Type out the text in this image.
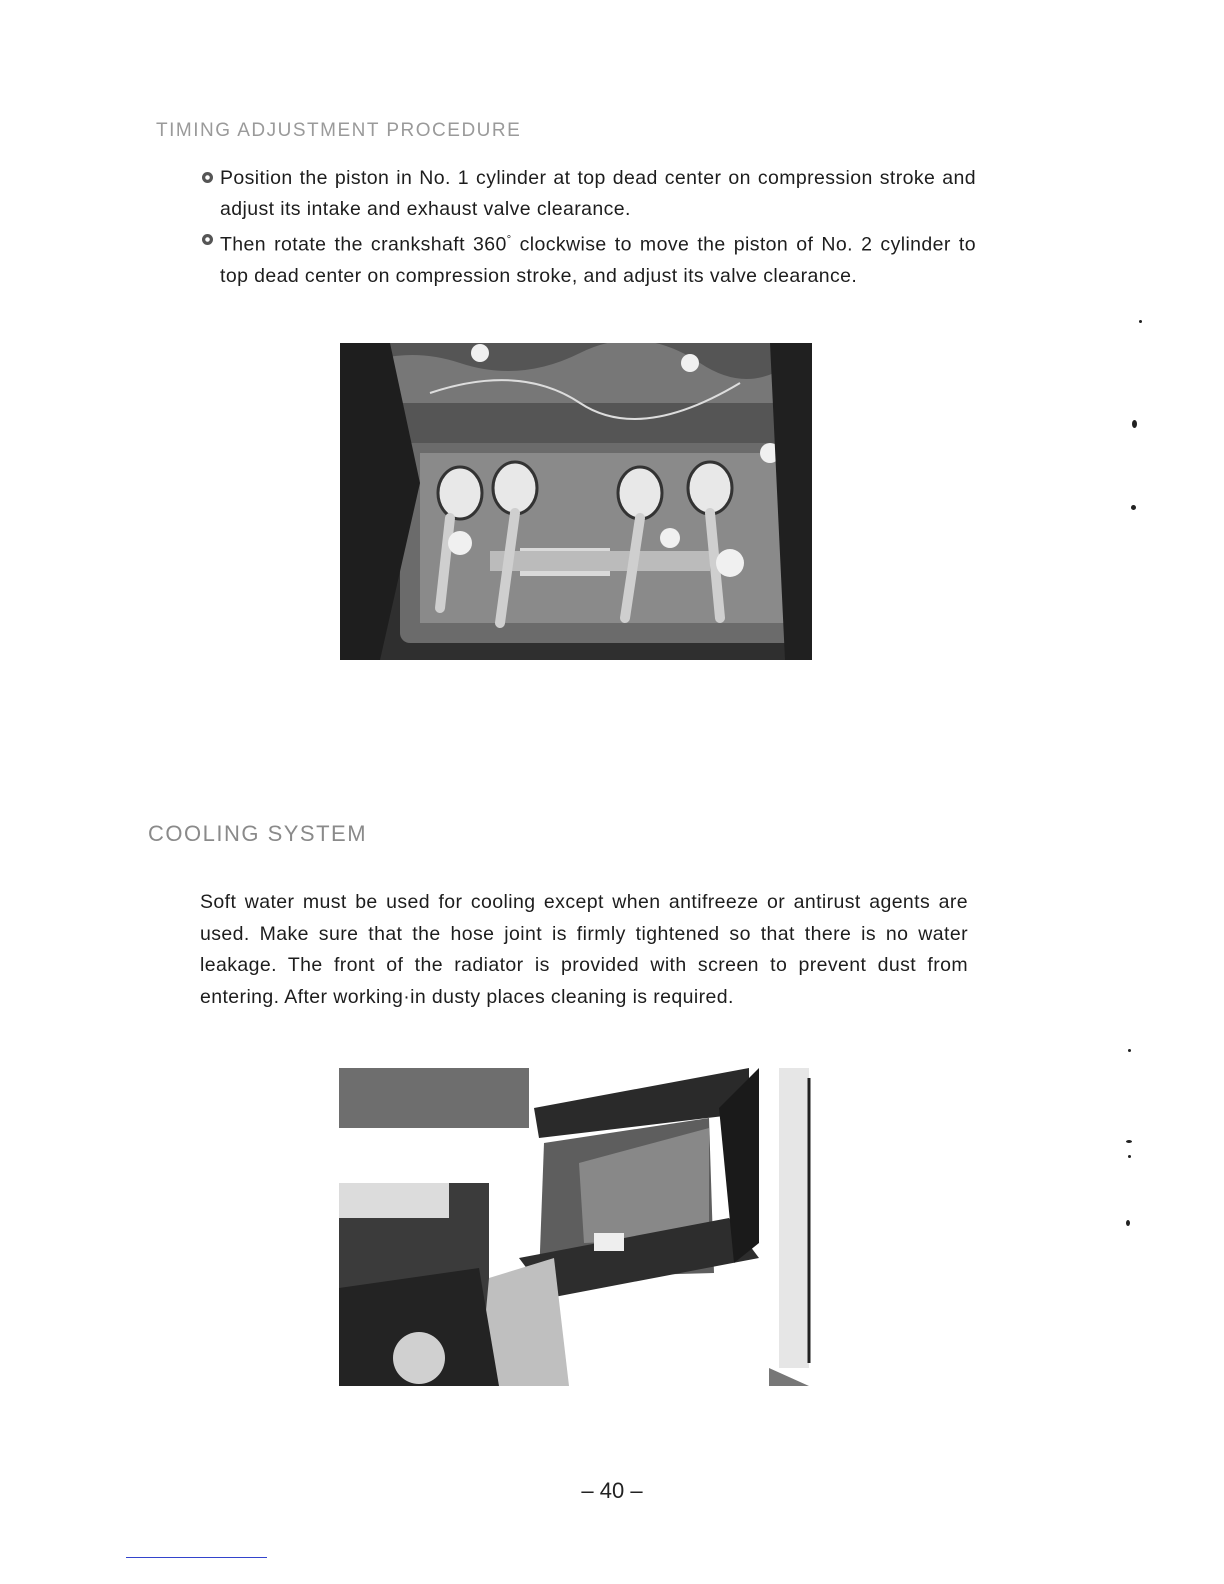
TIMING ADJUSTMENT PROCEDURE
Position the piston in No. 1 cylinder at top dead center on compression stroke and adjust its intake and exhaust valve clearance.
Then rotate the crankshaft 360° clockwise to move the piston of No. 2 cylinder to top dead center on compression stroke, and adjust its valve clearance.
COOLING SYSTEM

Soft water must be used for cooling except when antifreeze or antirust agents are used. Make sure that the hose joint is firmly tightened so that there is no water leakage. The front of the radiator is provided with screen to prevent dust from entering. After working·in dusty places cleaning is required.

– 40 –
